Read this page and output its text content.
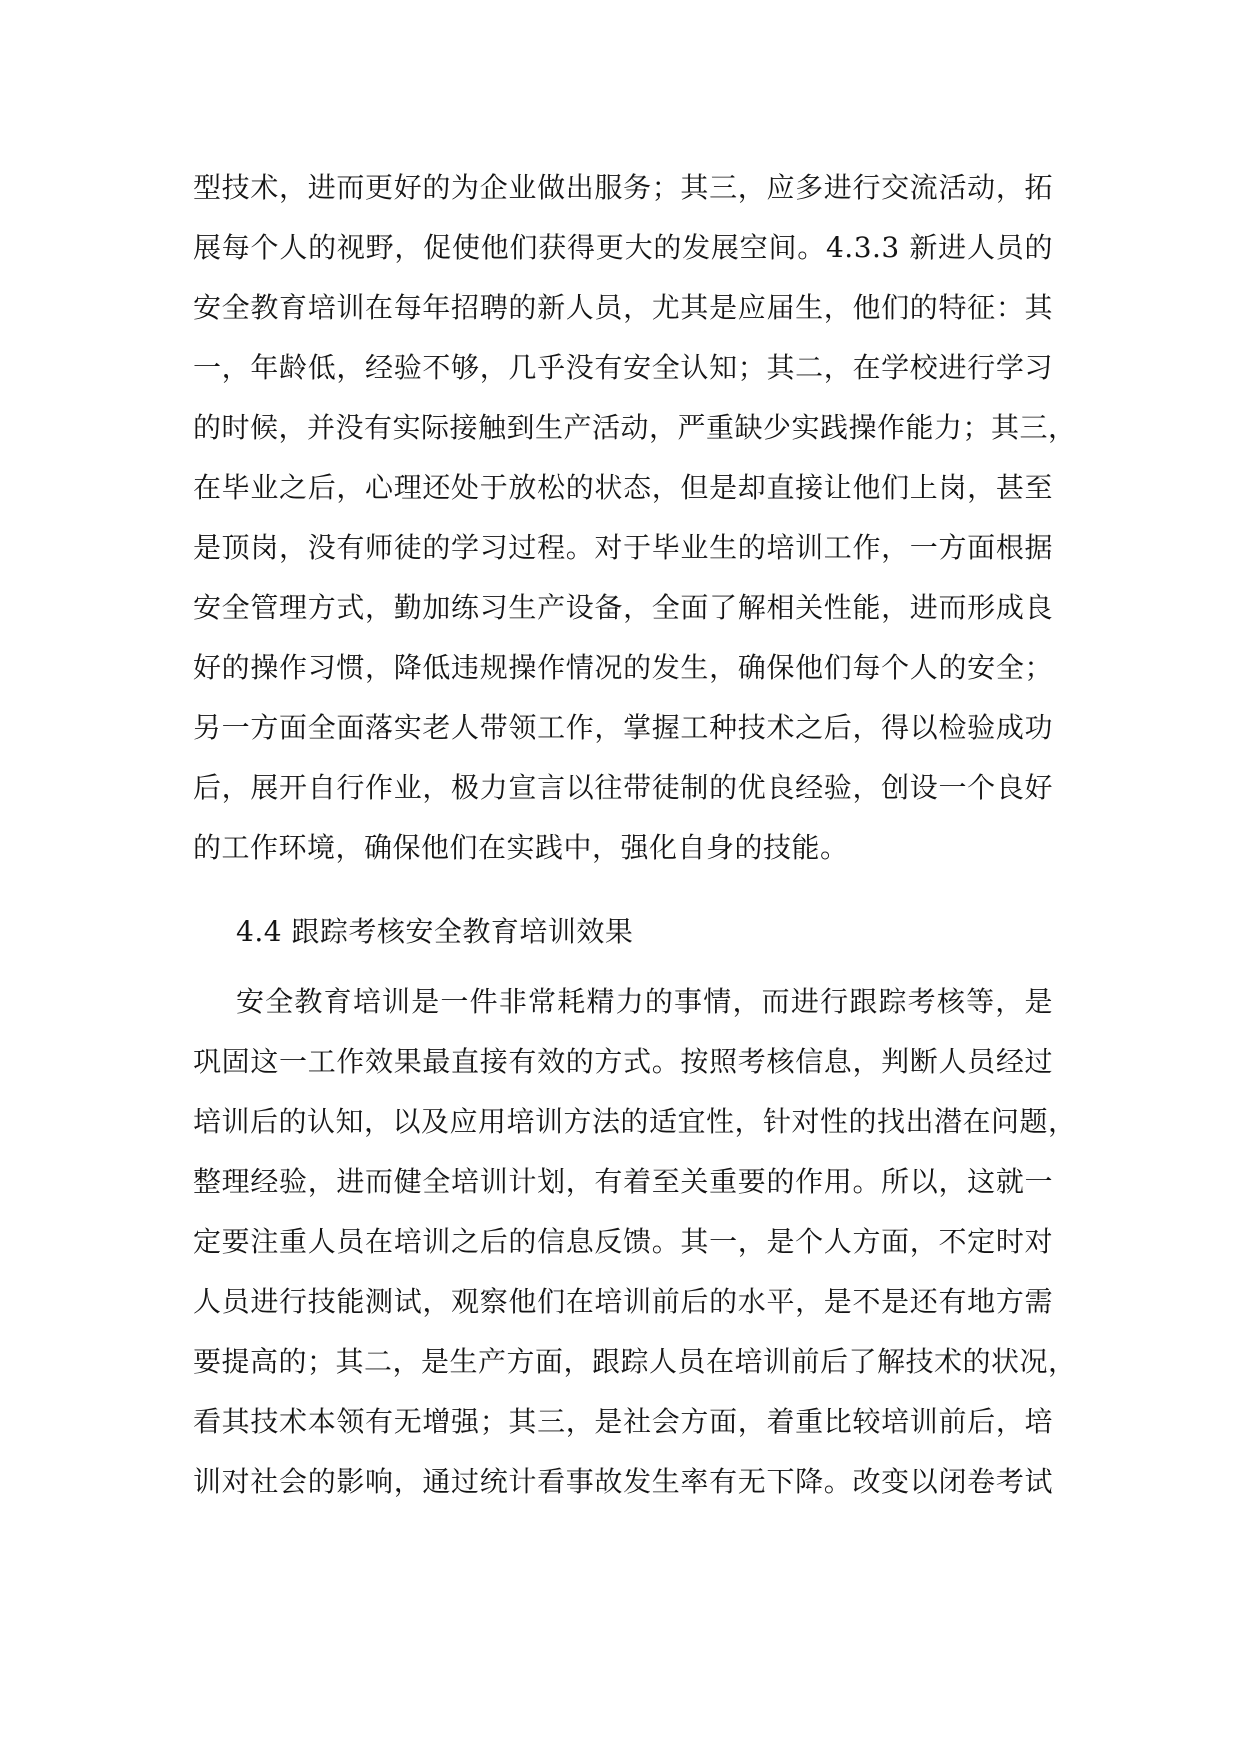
型技术，进而更好的为企业做出服务；其三，应多进行交流活动，拓
展每个人的视野，促使他们获得更大的发展空间。4.3.3 新进人员的
安全教育培训在每年招聘的新人员，尤其是应届生，他们的特征：其
一，年龄低，经验不够，几乎没有安全认知；其二，在学校进行学习
的时候，并没有实际接触到生产活动，严重缺少实践操作能力；其三，
在毕业之后，心理还处于放松的状态，但是却直接让他们上岗，甚至
是顶岗，没有师徒的学习过程。对于毕业生的培训工作，一方面根据
安全管理方式，勤加练习生产设备，全面了解相关性能，进而形成良
好的操作习惯，降低违规操作情况的发生，确保他们每个人的安全；
另一方面全面落实老人带领工作，掌握工种技术之后，得以检验成功
后，展开自行作业，极力宣言以往带徒制的优良经验，创设一个良好
的工作环境，确保他们在实践中，强化自身的技能。
4.4 跟踪考核安全教育培训效果
安全教育培训是一件非常耗精力的事情，而进行跟踪考核等，是
巩固这一工作效果最直接有效的方式。按照考核信息，判断人员经过
培训后的认知，以及应用培训方法的适宜性，针对性的找出潜在问题，
整理经验，进而健全培训计划，有着至关重要的作用。所以，这就一
定要注重人员在培训之后的信息反馈。其一，是个人方面，不定时对
人员进行技能测试，观察他们在培训前后的水平，是不是还有地方需
要提高的；其二，是生产方面，跟踪人员在培训前后了解技术的状况，
看其技术本领有无增强；其三，是社会方面，着重比较培训前后，培
训对社会的影响，通过统计看事故发生率有无下降。改变以闭卷考试
